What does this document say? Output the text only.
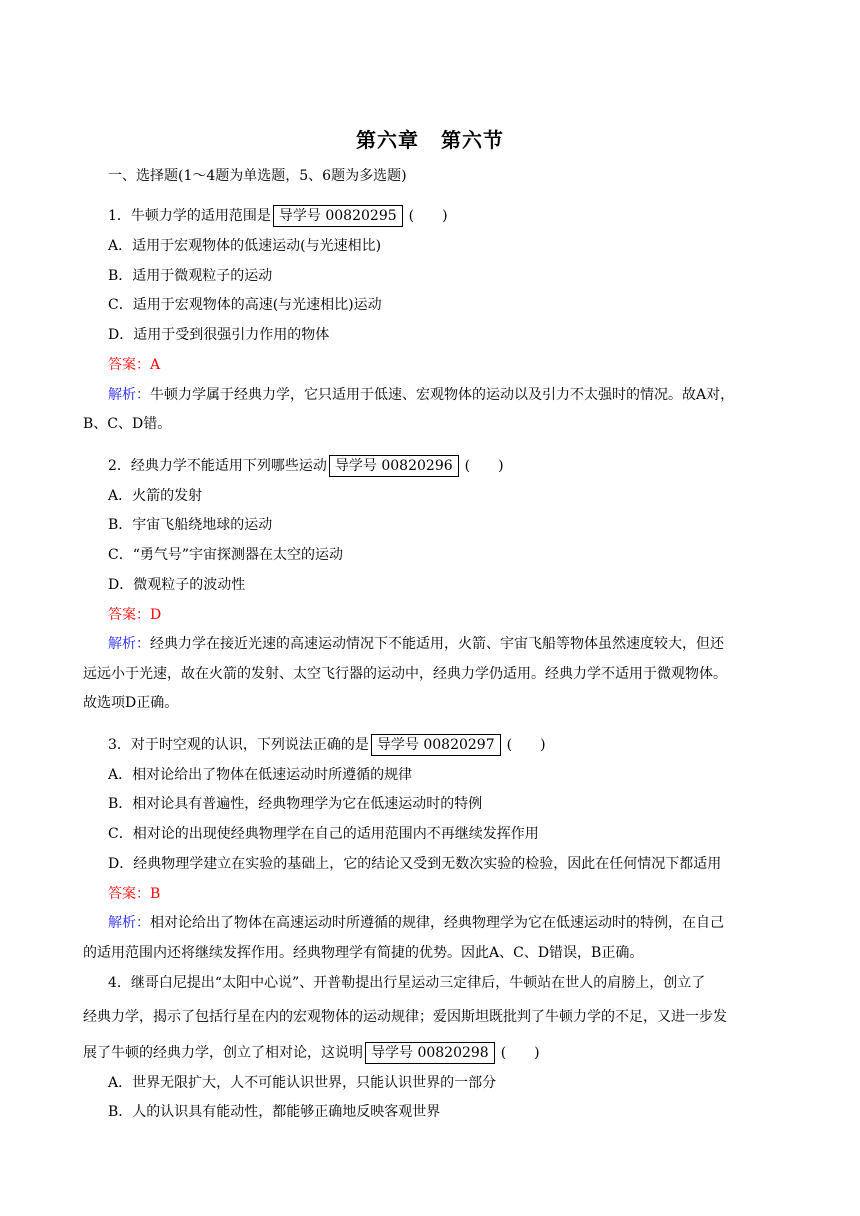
第六章 第六节
一、选择题(1～4题为单选题，5、6题为多选题)
1．牛顿力学的适用范围是 导学号 00820295 (　　)
A．适用于宏观物体的低速运动(与光速相比)
B．适用于微观粒子的运动
C．适用于宏观物体的高速(与光速相比)运动
D．适用于受到很强引力作用的物体
答案：A
解析：牛顿力学属于经典力学，它只适用于低速、宏观物体的运动以及引力不太强时的情况。故A对，
B、C、D错。
2．经典力学不能适用下列哪些运动 导学号 00820296 (　　)
A．火箭的发射
B．宇宙飞船绕地球的运动
C．“勇气号”宇宙探测器在太空的运动
D．微观粒子的波动性
答案：D
解析：经典力学在接近光速的高速运动情况下不能适用，火箭、宇宙飞船等物体虽然速度较大，但还
远远小于光速，故在火箭的发射、太空飞行器的运动中，经典力学仍适用。经典力学不适用于微观物体。
故选项D正确。
3．对于时空观的认识，下列说法正确的是 导学号 00820297 (　　)
A．相对论给出了物体在低速运动时所遵循的规律
B．相对论具有普遍性，经典物理学为它在低速运动时的特例
C．相对论的出现使经典物理学在自己的适用范围内不再继续发挥作用
D．经典物理学建立在实验的基础上，它的结论又受到无数次实验的检验，因此在任何情况下都适用
答案：B
解析：相对论给出了物体在高速运动时所遵循的规律，经典物理学为它在低速运动时的特例，在自己
的适用范围内还将继续发挥作用。经典物理学有简捷的优势。因此A、C、D错误，B正确。
4．继哥白尼提出“太阳中心说”、开普勒提出行星运动三定律后，牛顿站在世人的肩膀上，创立了
经典力学，揭示了包括行星在内的宏观物体的运动规律；爱因斯坦既批判了牛顿力学的不足，又进一步发
展了牛顿的经典力学，创立了相对论，这说明 导学号 00820298 (　　)
A．世界无限扩大，人不可能认识世界，只能认识世界的一部分
B．人的认识具有能动性，都能够正确地反映客观世界
